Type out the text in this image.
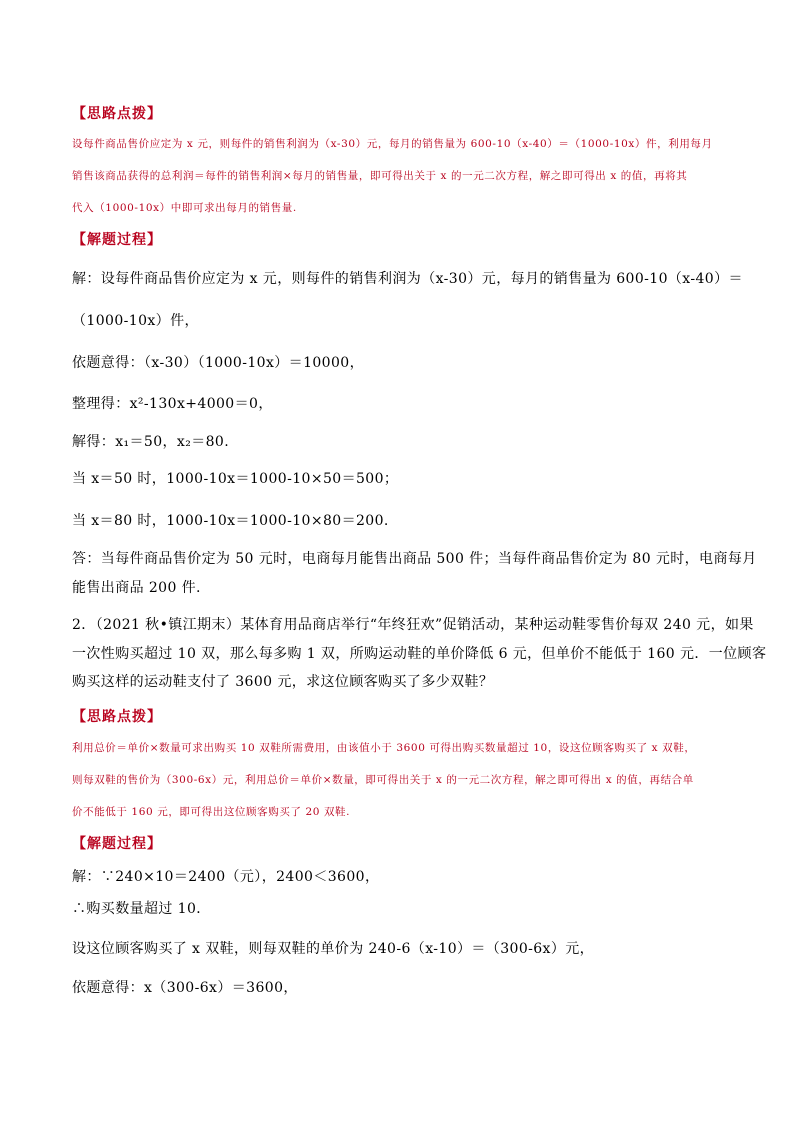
【思路点拨】
设每件商品售价应定为 x 元，则每件的销售利润为（x-30）元，每月的销售量为 600-10（x-40）＝（1000-10x）件，利用每月
销售该商品获得的总利润＝每件的销售利润×每月的销售量，即可得出关于 x 的一元二次方程，解之即可得出 x 的值，再将其
代入（1000-10x）中即可求出每月的销售量.
【解题过程】
解：设每件商品售价应定为 x 元，则每件的销售利润为（x-30）元，每月的销售量为 600-10（x-40）＝
（1000-10x）件，
依题意得：（x-30）（1000-10x）＝10000，
整理得：x²-130x+4000＝0，
解得：x₁＝50，x₂＝80.
当 x＝50 时，1000-10x＝1000-10×50＝500；
当 x＝80 时，1000-10x＝1000-10×80＝200.
答：当每件商品售价定为 50 元时，电商每月能售出商品 500 件；当每件商品售价定为 80 元时，电商每月
能售出商品 200 件.
2．（2021 秋•镇江期末）某体育用品商店举行“年终狂欢”促销活动，某种运动鞋零售价每双 240 元，如果
一次性购买超过 10 双，那么每多购 1 双，所购运动鞋的单价降低 6 元，但单价不能低于 160 元．一位顾客
购买这样的运动鞋支付了 3600 元，求这位顾客购买了多少双鞋？
【思路点拨】
利用总价＝单价×数量可求出购买 10 双鞋所需费用，由该值小于 3600 可得出购买数量超过 10，设这位顾客购买了 x 双鞋，
则每双鞋的售价为（300-6x）元，利用总价＝单价×数量，即可得出关于 x 的一元二次方程，解之即可得出 x 的值，再结合单
价不能低于 160 元，即可得出这位顾客购买了 20 双鞋.
【解题过程】
解：∵240×10＝2400（元），2400＜3600，
∴购买数量超过 10．
设这位顾客购买了 x 双鞋，则每双鞋的单价为 240-6（x-10）＝（300-6x）元，
依题意得：x（300-6x）＝3600，
